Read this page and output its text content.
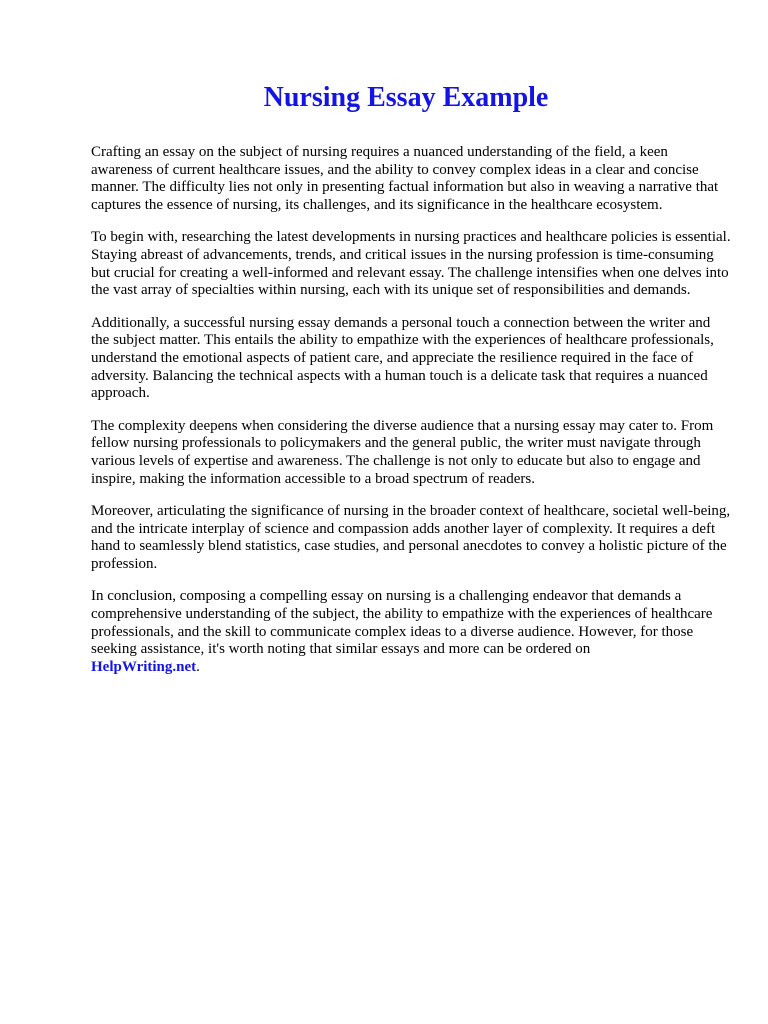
Nursing Essay Example

Crafting an essay on the subject of nursing requires a nuanced understanding of the field, a keen awareness of current healthcare issues, and the ability to convey complex ideas in a clear and concise manner. The difficulty lies not only in presenting factual information but also in weaving a narrative that captures the essence of nursing, its challenges, and its significance in the healthcare ecosystem.

To begin with, researching the latest developments in nursing practices and healthcare policies is essential. Staying abreast of advancements, trends, and critical issues in the nursing profession is time-consuming but crucial for creating a well-informed and relevant essay. The challenge intensifies when one delves into the vast array of specialties within nursing, each with its unique set of responsibilities and demands.

Additionally, a successful nursing essay demands a personal touch a connection between the writer and the subject matter. This entails the ability to empathize with the experiences of healthcare professionals, understand the emotional aspects of patient care, and appreciate the resilience required in the face of adversity. Balancing the technical aspects with a human touch is a delicate task that requires a nuanced approach.

The complexity deepens when considering the diverse audience that a nursing essay may cater to. From fellow nursing professionals to policymakers and the general public, the writer must navigate through various levels of expertise and awareness. The challenge is not only to educate but also to engage and inspire, making the information accessible to a broad spectrum of readers.

Moreover, articulating the significance of nursing in the broader context of healthcare, societal well-being, and the intricate interplay of science and compassion adds another layer of complexity. It requires a deft hand to seamlessly blend statistics, case studies, and personal anecdotes to convey a holistic picture of the profession.

In conclusion, composing a compelling essay on nursing is a challenging endeavor that demands a comprehensive understanding of the subject, the ability to empathize with the experiences of healthcare professionals, and the skill to communicate complex ideas to a diverse audience. However, for those seeking assistance, it's worth noting that similar essays and more can be ordered on
HelpWriting.net.
